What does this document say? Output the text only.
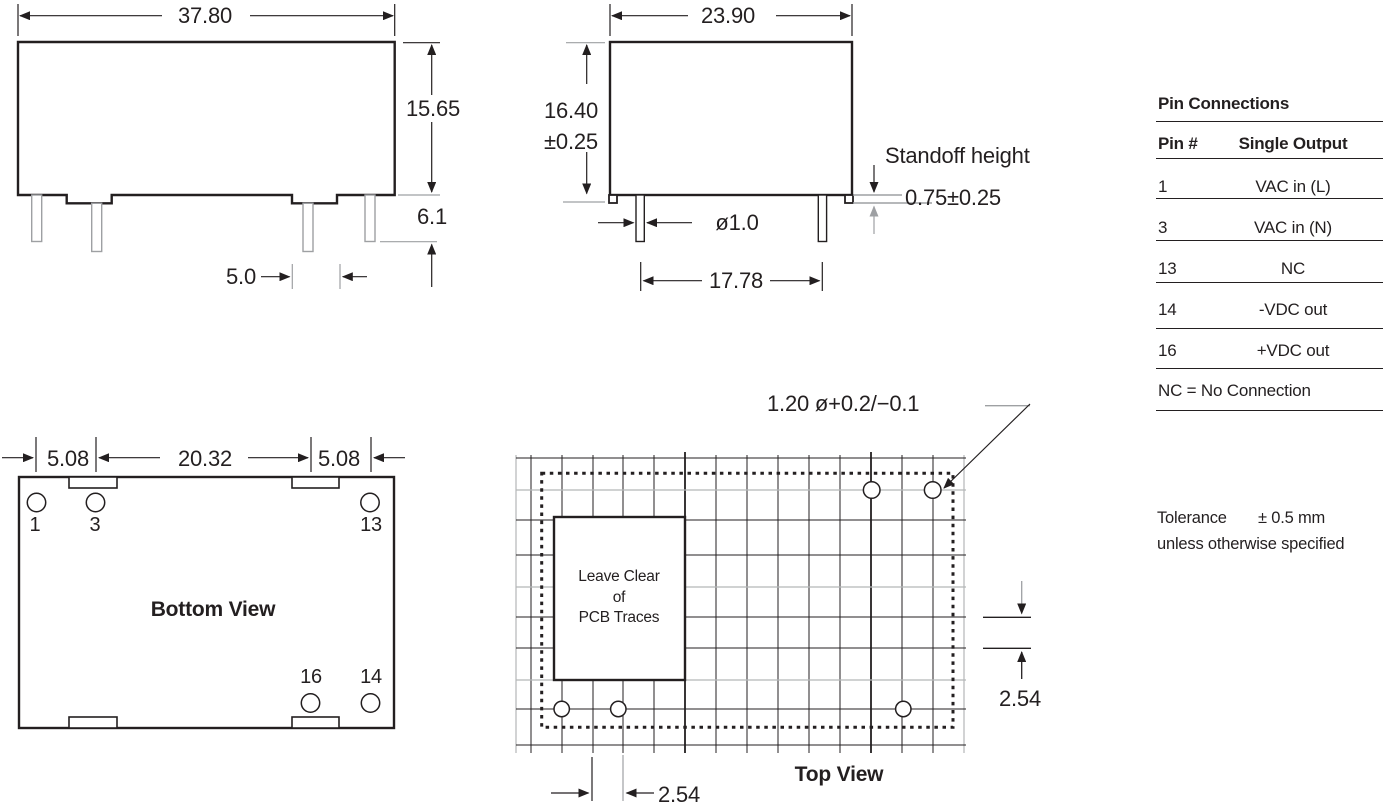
37.80
15.65
6.1
5.0
23.90
16.40
±0.25
Standoff height
0.75±0.25
ø1.0
17.78
5.08	20.32	5.08
1 3	13
16 14
Bottom View
1.20 ø+0.2/−0.1
Leave Clear
of
PCB Traces
2.54
2.54
Top View
Pin Connections
Pin #	Single Output
1	VAC in (L)
3	VAC in (N)
13	NC
14	-VDC out
16	+VDC out
NC = No Connection
Tolerance ± 0.5 mm
unless otherwise specified
